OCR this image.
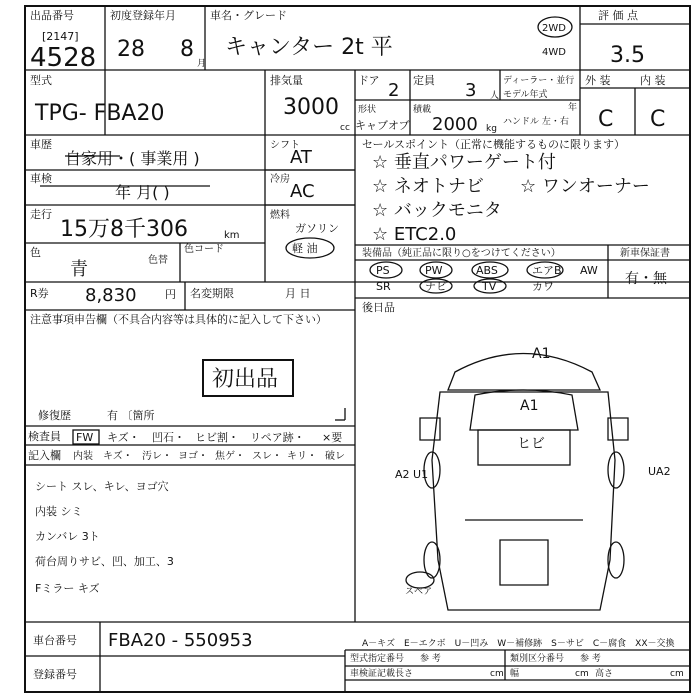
出品番号
[2147]
4528
初度登録年月
28 8
月
車名・グレード
キャンター 2t 平
2WD
4WD
評 価 点
3.5
型式
TPG- FBA20
排気量
3000
cc
ドア 2 定員 3 人
ディーラー・並行
モデル年式
年
形状
キャブオブ
積載
2000 kg
ハンドル 左・右
外 装	内 装
C C
車歴
自家用・( 事業用 )
車検
年 月( )
走行
15万8千306	km
色
青	色替
色コード
R券 8,830	円 名変期限	月 日
シフト
AT
冷房
AC
燃料
ガソリン
軽 油
セールスポイント（正常に機能するものに限ります）
☆ 垂直パワーゲート付
☆ ネオトナビ ☆ ワンオーナー
☆ バックモニタ
☆ ETC2.0
装備品（純正品に限り○をつけてください）	新車保証書
有・無
PS	PW	ABS	エアB AW
SR	ナビ	TV	カワ
後日品
注意事項申告欄（不具合内容等は具体的に記入して下さい）
初出品
修復歴	有 〔箇所
検査員
記入欄
FW キズ・ 凹石・ ヒビ割・ リペア跡・ ×要
内装 キズ・ 汚レ・ ヨゴ・ 焦ゲ・ スレ・ キリ・ 破レ
シート スレ、キレ、ヨゴ穴
内装 シミ
カンバレ 3ト
荷台周りサビ、凹、加工、3
Fミラー キズ
A1
A1
ヒビ
A2 U1	UA2
スペア
A－キズ　E－エクボ　U－凹み　W－補修跡　S－サビ　C－腐食　XX－交換
車台番号 FBA20 - 550953
登録番号
型式指定番号 参 考	類別区分番号 参 考
車検証記載 長さ	cm 幅	cm 高さ	cm
